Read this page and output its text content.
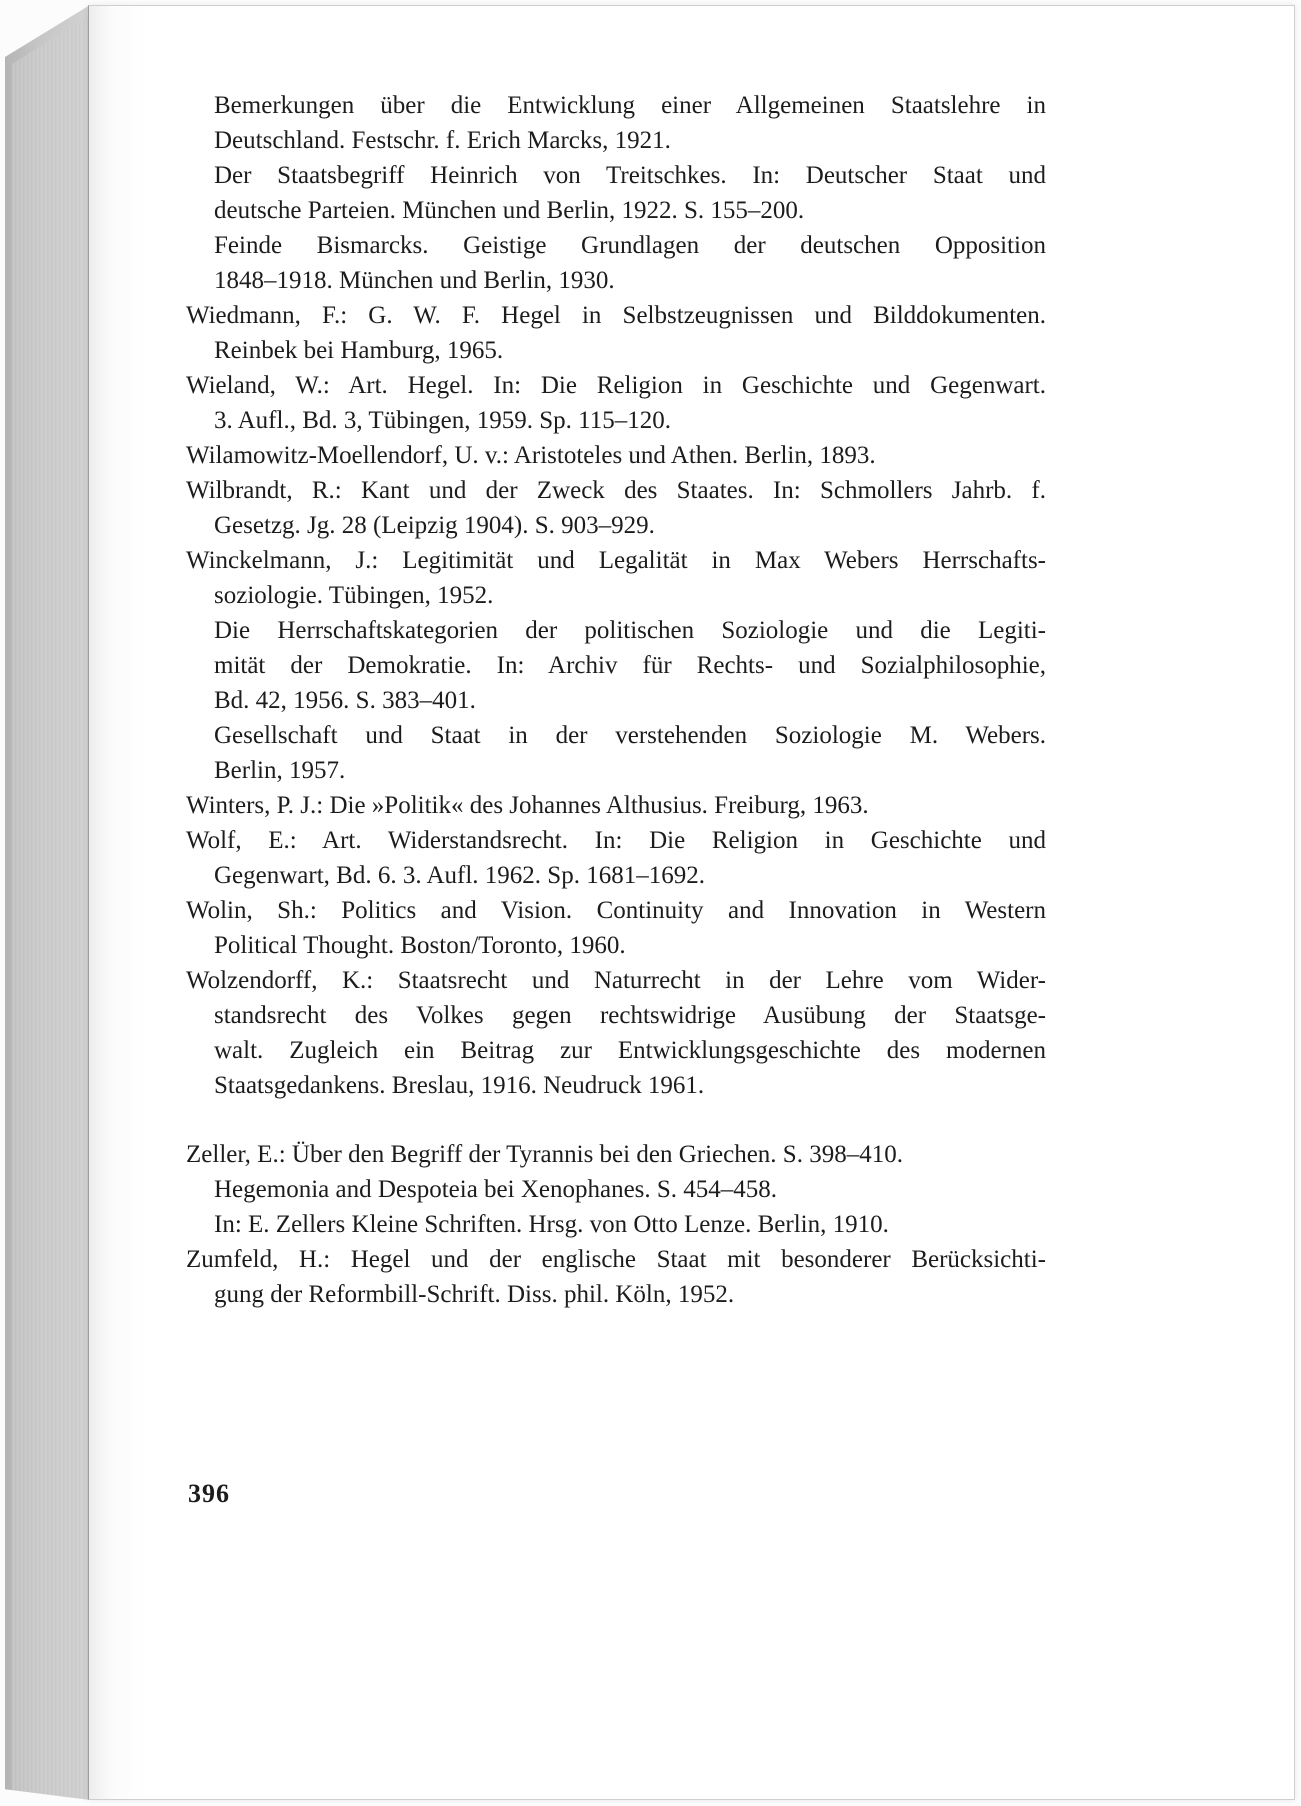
Bemerkungen über die Entwicklung einer Allgemeinen Staatslehre in
Deutschland. Festschr. f. Erich Marcks, 1921.
Der Staatsbegriff Heinrich von Treitschkes. In: Deutscher Staat und
deutsche Parteien. München und Berlin, 1922. S. 155–200.
Feinde Bismarcks. Geistige Grundlagen der deutschen Opposition
1848–1918. München und Berlin, 1930.
Wiedmann, F.: G. W. F. Hegel in Selbstzeugnissen und Bilddokumenten.
Reinbek bei Hamburg, 1965.
Wieland, W.: Art. Hegel. In: Die Religion in Geschichte und Gegenwart.
3. Aufl., Bd. 3, Tübingen, 1959. Sp. 115–120.
Wilamowitz-Moellendorf, U. v.: Aristoteles und Athen. Berlin, 1893.
Wilbrandt, R.: Kant und der Zweck des Staates. In: Schmollers Jahrb. f.
Gesetzg. Jg. 28 (Leipzig 1904). S. 903–929.
Winckelmann, J.: Legitimität und Legalität in Max Webers Herrschafts-
soziologie. Tübingen, 1952.
Die Herrschaftskategorien der politischen Soziologie und die Legiti-
mität der Demokratie. In: Archiv für Rechts- und Sozialphilosophie,
Bd. 42, 1956. S. 383–401.
Gesellschaft und Staat in der verstehenden Soziologie M. Webers.
Berlin, 1957.
Winters, P. J.: Die »Politik« des Johannes Althusius. Freiburg, 1963.
Wolf, E.: Art. Widerstandsrecht. In: Die Religion in Geschichte und
Gegenwart, Bd. 6. 3. Aufl. 1962. Sp. 1681–1692.
Wolin, Sh.: Politics and Vision. Continuity and Innovation in Western
Political Thought. Boston/Toronto, 1960.
Wolzendorff, K.: Staatsrecht und Naturrecht in der Lehre vom Wider-
standsrecht des Volkes gegen rechtswidrige Ausübung der Staatsge-
walt. Zugleich ein Beitrag zur Entwicklungsgeschichte des modernen
Staatsgedankens. Breslau, 1916. Neudruck 1961.
Zeller, E.: Über den Begriff der Tyrannis bei den Griechen. S. 398–410.
Hegemonia and Despoteia bei Xenophanes. S. 454–458.
In: E. Zellers Kleine Schriften. Hrsg. von Otto Lenze. Berlin, 1910.
Zumfeld, H.: Hegel und der englische Staat mit besonderer Berücksichti-
gung der Reformbill-Schrift. Diss. phil. Köln, 1952.
396
